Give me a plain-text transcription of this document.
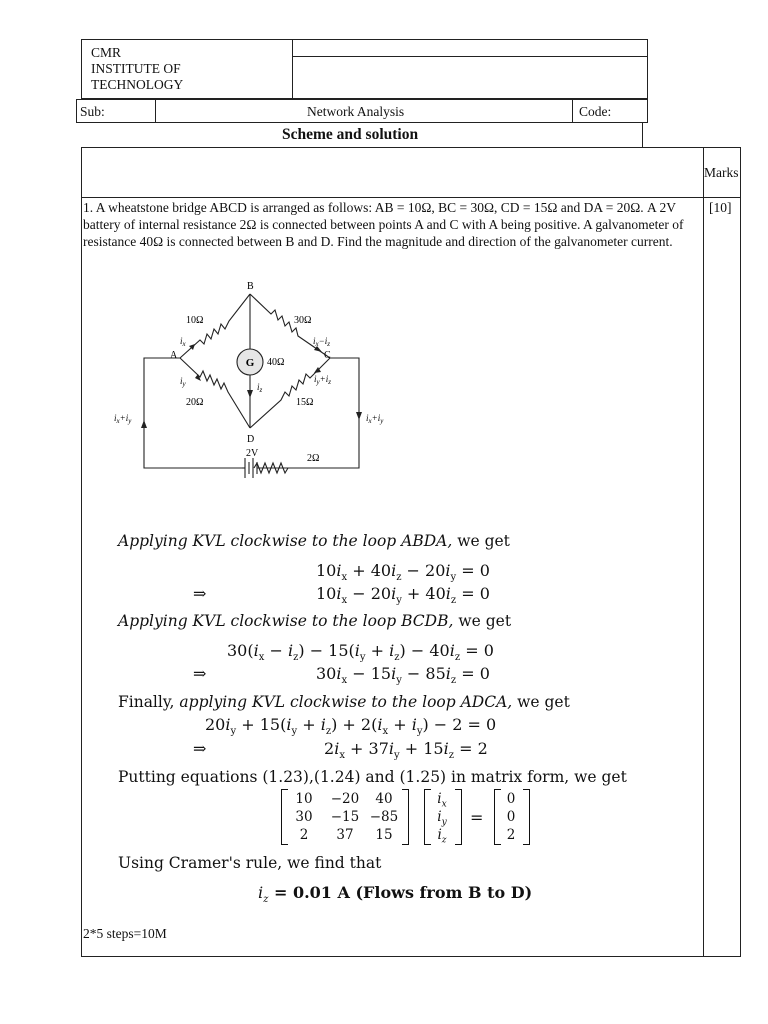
CMR
INSTITUTE OF
TECHNOLOGY
Sub:	Network Analysis	Code:
Scheme and solution
Marks
1. A wheatstone bridge ABCD is arranged as follows: AB = 10Ω, BC = 30Ω, CD = 15Ω and DA = 20Ω. A 2V battery of internal resistance 2Ω is connected between points A and C with A being positive. A galvanometer of resistance 40Ω is connected between B and D. Find the magnitude and direction of the galvanometer current.
[10]
G
B
A	C
D
10Ω	30Ω
20Ω	15Ω
40Ω
2V	2Ω
$i_x$
$i_y$	$i_z$
$i_x-i_z$
$i_y+i_z$
$i_x+i_y$	$i_x+i_y$
Applying KVL clockwise to the loop ABDA, we get
$10i_x + 40i_z - 20i_y = 0$
⇒	$10i_x - 20i_y + 40i_z = 0$
Applying KVL clockwise to the loop BCDB, we get
$30(i_x - i_z) - 15(i_y + i_z) - 40i_z = 0$
⇒	$30i_x - 15i_y - 85i_z = 0$
Finally, applying KVL clockwise to the loop ADCA, we get
$20i_y + 15(i_y + i_z) + 2(i_x + i_y) - 2 = 0$
⇒	$2i_x + 37i_y + 15i_z = 2$
Putting equations (1.23),(1.24) and (1.25) in matrix form, we get
10	−20	40
30	−15 −85
2	37	15
$i_x$
$i_y$
$i_z$
=
0
0
2
Using Cramer's rule, we find that
$i_z = 0.01$ A (Flows from B to D)
2*5 steps=10M
